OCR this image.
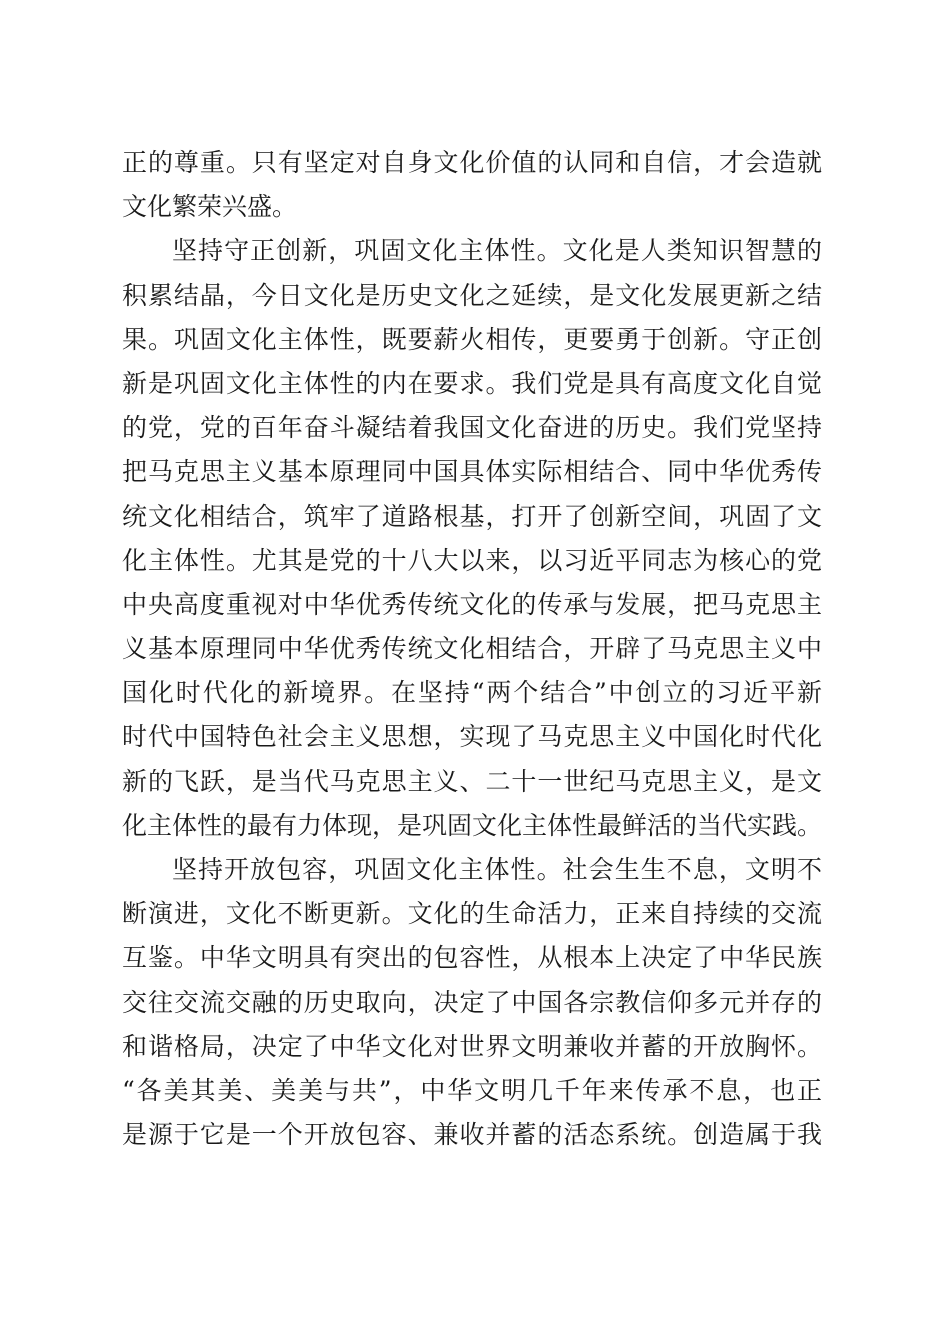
正的尊重。只有坚定对自身文化价值的认同和自信，才会造就
文化繁荣兴盛。
坚持守正创新，巩固文化主体性。文化是人类知识智慧的
积累结晶，今日文化是历史文化之延续，是文化发展更新之结
果。巩固文化主体性，既要薪火相传，更要勇于创新。守正创
新是巩固文化主体性的内在要求。我们党是具有高度文化自觉
的党，党的百年奋斗凝结着我国文化奋进的历史。我们党坚持
把马克思主义基本原理同中国具体实际相结合、同中华优秀传
统文化相结合，筑牢了道路根基，打开了创新空间，巩固了文
化主体性。尤其是党的十八大以来，以习近平同志为核心的党
中央高度重视对中华优秀传统文化的传承与发展，把马克思主
义基本原理同中华优秀传统文化相结合，开辟了马克思主义中
国化时代化的新境界。在坚持“两个结合”中创立的习近平新
时代中国特色社会主义思想，实现了马克思主义中国化时代化
新的飞跃，是当代马克思主义、二十一世纪马克思主义，是文
化主体性的最有力体现，是巩固文化主体性最鲜活的当代实践。
坚持开放包容，巩固文化主体性。社会生生不息，文明不
断演进，文化不断更新。文化的生命活力，正来自持续的交流
互鉴。中华文明具有突出的包容性，从根本上决定了中华民族
交往交流交融的历史取向，决定了中国各宗教信仰多元并存的
和谐格局，决定了中华文化对世界文明兼收并蓄的开放胸怀。
“各美其美、美美与共”，中华文明几千年来传承不息，也正
是源于它是一个开放包容、兼收并蓄的活态系统。创造属于我
